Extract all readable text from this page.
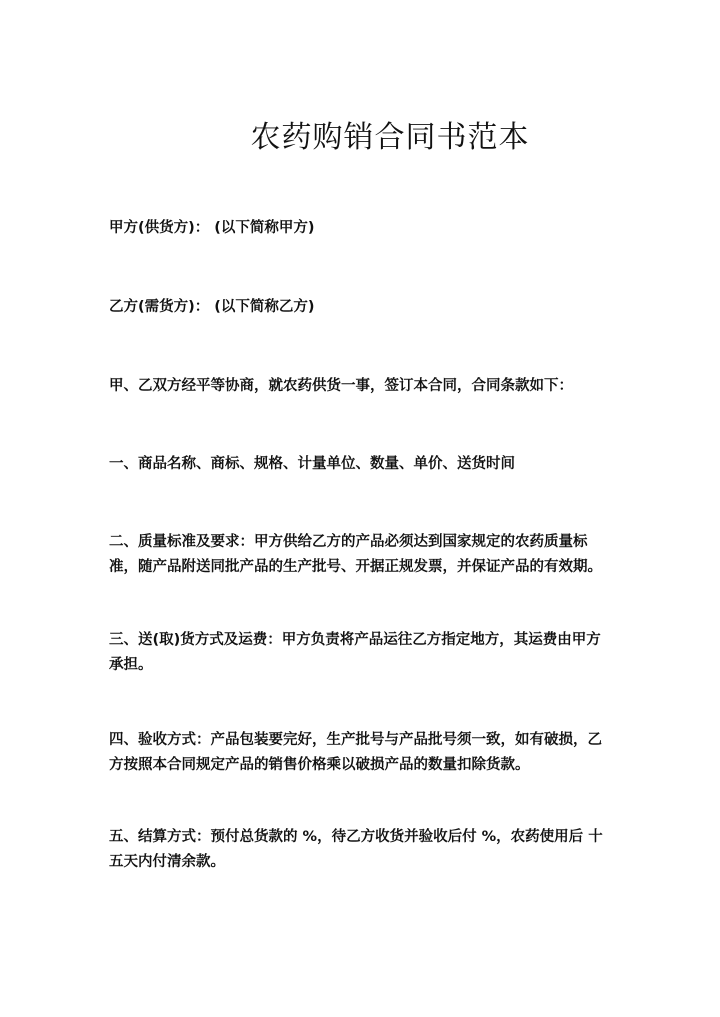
农药购销合同书范本
甲方(供货方)： (以下简称甲方)
乙方(需货方)： (以下简称乙方)
甲、乙双方经平等协商，就农药供货一事，签订本合同，合同条款如下：
一、商品名称、商标、规格、计量单位、数量、单价、送货时间
二、质量标准及要求：甲方供给乙方的产品必须达到国家规定的农药质量标准，随产品附送同批产品的生产批号、开据正规发票，并保证产品的有效期。
三、送(取)货方式及运费：甲方负责将产品运往乙方指定地方，其运费由甲方承担。
四、验收方式：产品包装要完好，生产批号与产品批号须一致，如有破损，乙方按照本合同规定产品的销售价格乘以破损产品的数量扣除货款。
五、结算方式：预付总货款的 %，待乙方收货并验收后付 %，农药使用后 十五天内付清余款。
